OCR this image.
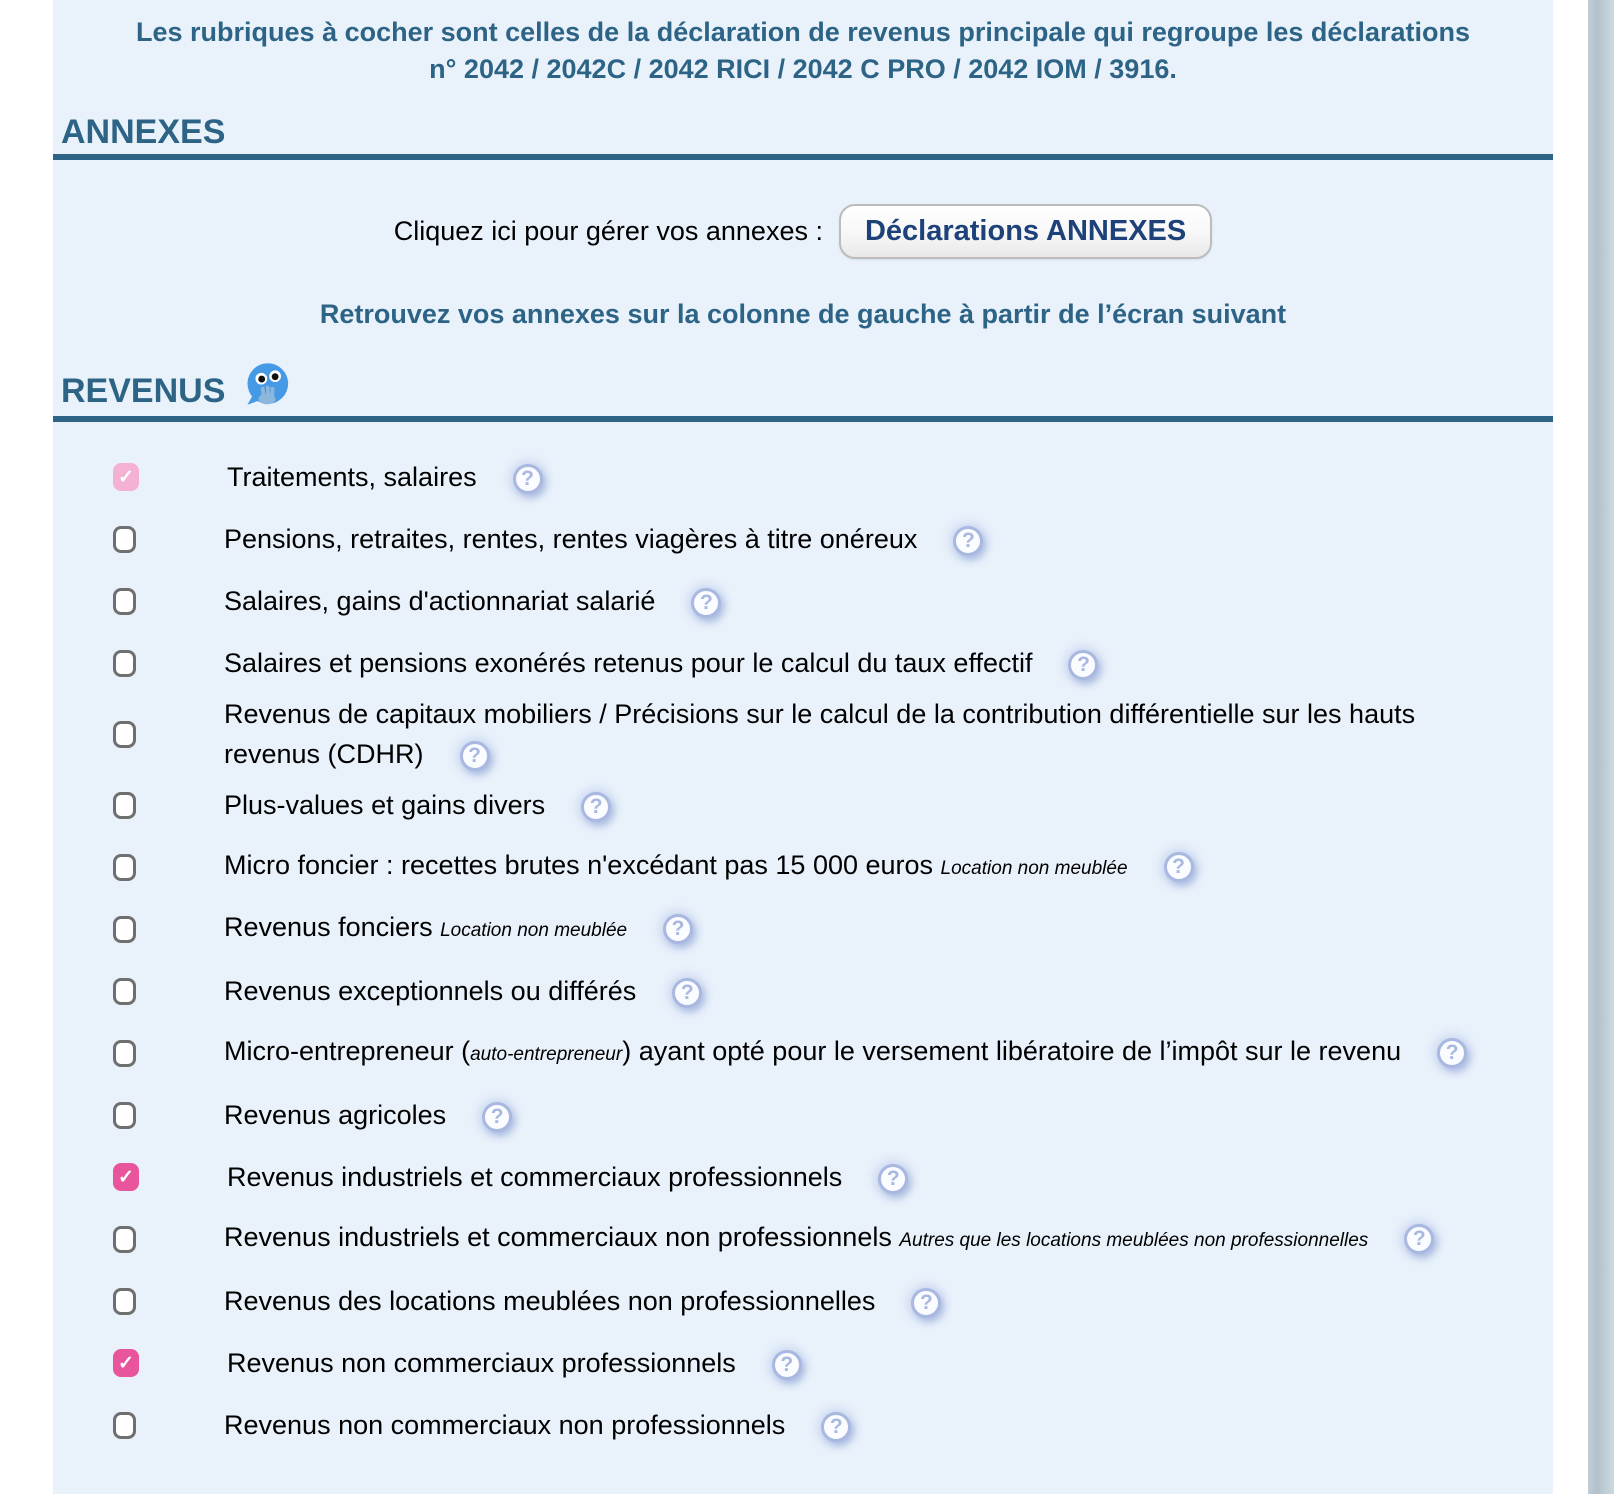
Les rubriques à cocher sont celles de la déclaration de revenus principale qui regroupe les déclarations
n° 2042 / 2042C / 2042 RICI / 2042 C PRO / 2042 IOM / 3916.

ANNEXES
Cliquez ici pour gérer vos annexes :	Déclarations ANNEXES

Retrouvez vos annexes sur la colonne de gauche à partir de l’écran suivant

REVENUS
✓	Traitements, salaires ?
Pensions, retraites, rentes, rentes viagères à titre onéreux ?
Salaires, gains d'actionnariat salarié ?
Salaires et pensions exonérés retenus pour le calcul du taux effectif ?
Revenus de capitaux mobiliers / Précisions sur le calcul de la contribution différentielle sur les hauts revenus (CDHR) ?
Plus-values et gains divers ?
Micro foncier : recettes brutes n'excédant pas 15 000 euros Location non meublée ?
Revenus fonciers Location non meublée ?
Revenus exceptionnels ou différés ?
Micro-entrepreneur (auto-entrepreneur) ayant opté pour le versement libératoire de l’impôt sur le revenu ?
Revenus agricoles ?
✓	Revenus industriels et commerciaux professionnels ?
Revenus industriels et commerciaux non professionnels Autres que les locations meublées non professionnelles ?
Revenus des locations meublées non professionnelles ?
✓	Revenus non commerciaux professionnels ?
Revenus non commerciaux non professionnels ?
